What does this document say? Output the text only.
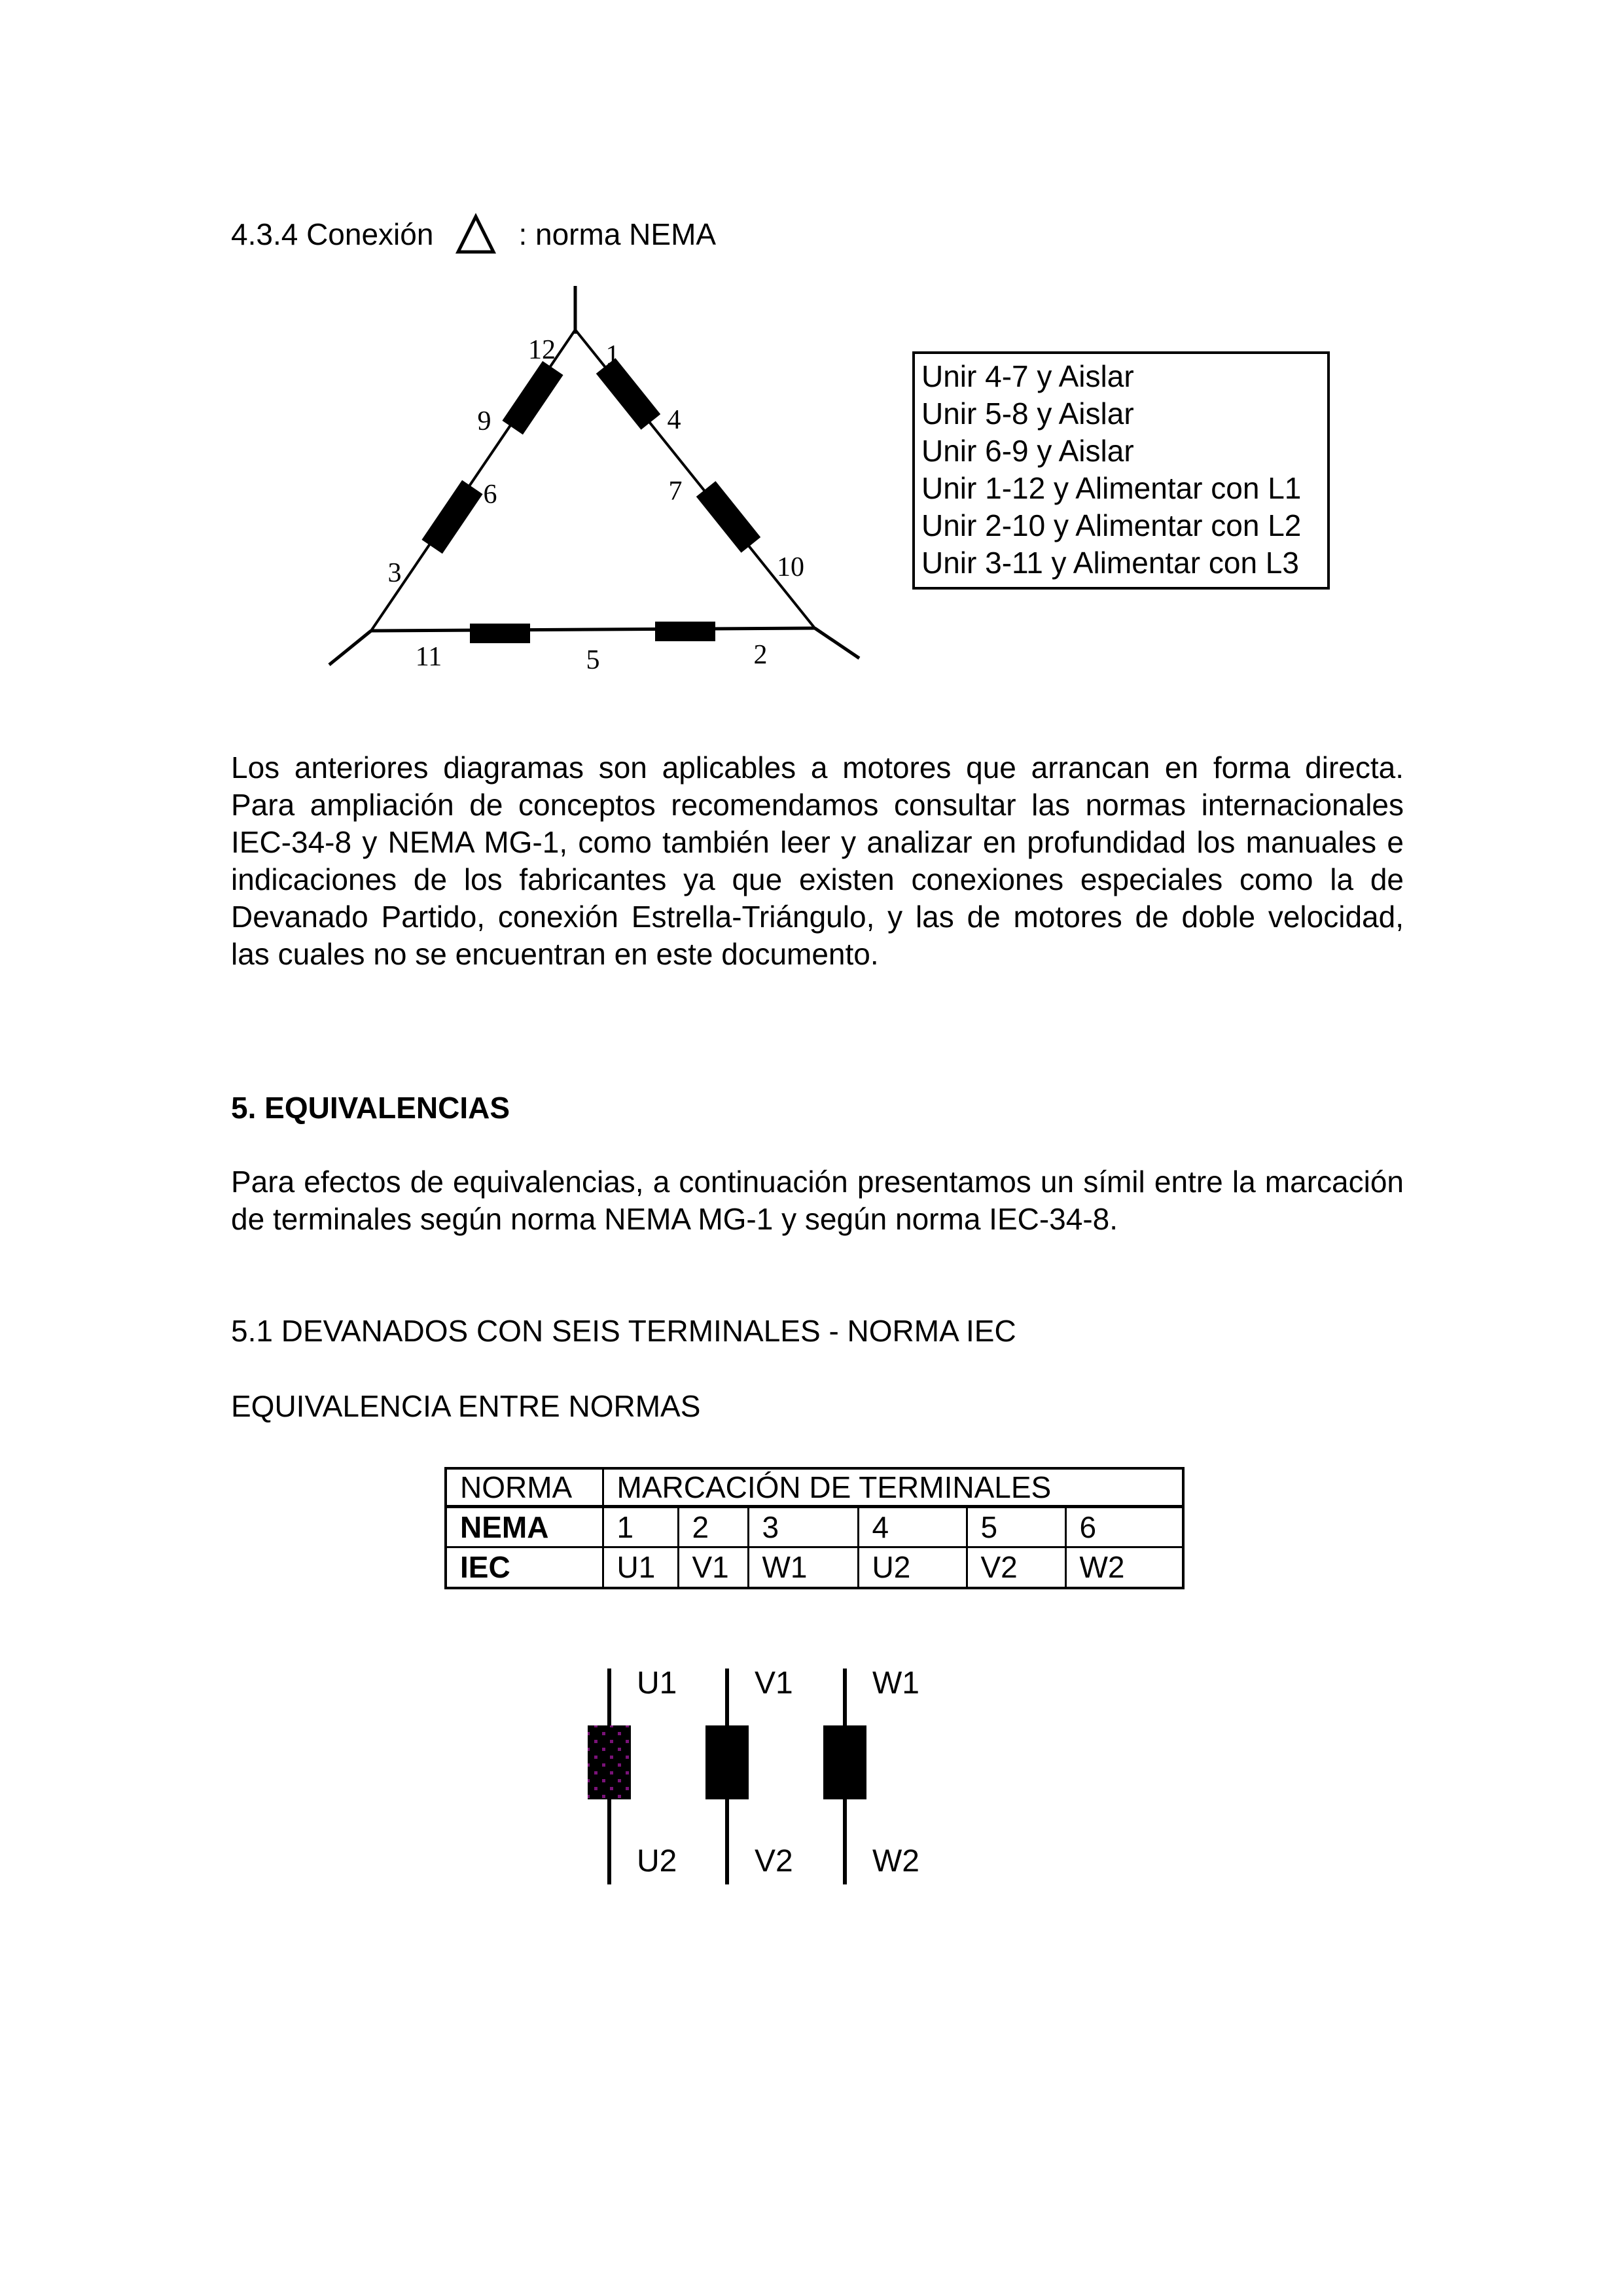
4.3.4 Conexión	: norma NEMA
12 1
9	4
6	7
3	10
11	5	2
Unir 4-7 y Aislar
Unir 5-8 y Aislar
Unir 6-9 y Aislar
Unir 1-12 y Alimentar con L1
Unir 2-10 y Alimentar con L2
Unir 3-11 y Alimentar con L3
Los anteriores diagramas son aplicables a motores que arrancan en forma directa. Para ampliación de conceptos recomendamos consultar las normas internacionales IEC-34-8 y NEMA MG-1, como también leer y analizar en profundidad los manuales e indicaciones de los fabricantes ya que existen conexiones especiales como la de Devanado Partido, conexión Estrella-Triángulo, y las de motores de doble velocidad, las cuales no se encuentran en este documento.
5. EQUIVALENCIAS
Para efectos de equivalencias, a continuación presentamos un símil entre la marcación de terminales según norma NEMA MG-1 y según norma IEC-34-8.
5.1 DEVANADOS CON SEIS TERMINALES - NORMA IEC
EQUIVALENCIA ENTRE NORMAS
NORMA	MARCACIÓN DE TERMINALES					
NEMA	1	2	3	4	5	6
IEC	U1	V1	W1	U2	V2	W2
U1
U2
V1
V2
W1
W2
